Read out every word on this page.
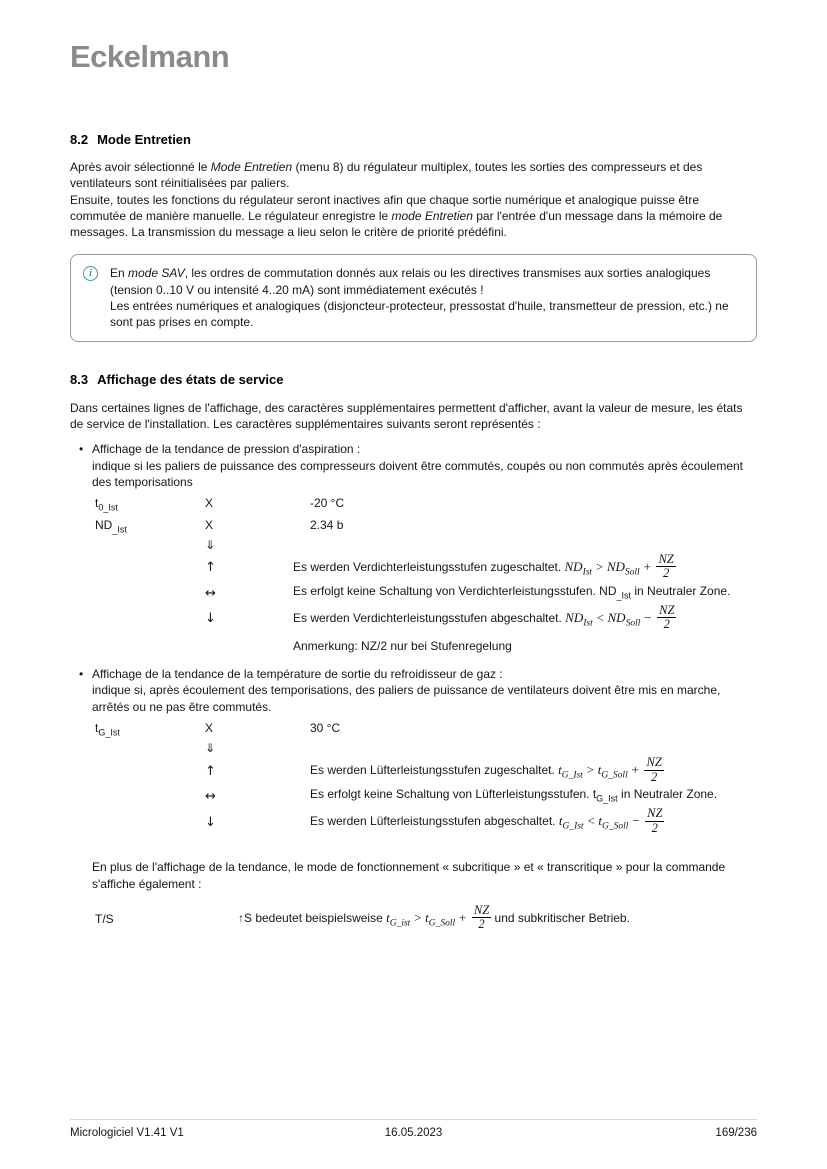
Eckelmann
8.2 Mode Entretien

Après avoir sélectionné le Mode Entretien (menu 8) du régulateur multiplex, toutes les sorties des compresseurs et des ventilateurs sont réinitialisées par paliers.
Ensuite, toutes les fonctions du régulateur seront inactives afin que chaque sortie numérique et analogique puisse être commutée de manière manuelle. Le régulateur enregistre le mode Entretien par l'entrée d'un message dans la mémoire de messages. La transmission du message a lieu selon le critère de priorité prédéfini.

i En mode SAV, les ordres de commutation donnés aux relais ou les directives transmises aux sorties analogiques (tension 0..10 V ou intensité 4..20 mA) sont immédiatement exécutés !
Les entrées numériques et analogiques (disjoncteur-protecteur, pressostat d'huile, transmetteur de pression, etc.) ne sont pas prises en compte.
8.3 Affichage des états de service

Dans certaines lignes de l'affichage, des caractères supplémentaires permettent d'afficher, avant la valeur de mesure, les états de service de l'installation. Les caractères supplémentaires suivants seront représentés :

• Affichage de la tendance de pression d'aspiration :
indique si les paliers de puissance des compresseurs doivent être commutés, coupés ou non commutés après écoulement des temporisations
$t_{0\_Ist}$	X	-20 °C
$ND_{\_Ist}$	X	2.34 b
⇓
↑	Es werden Verdichterleistungsstufen zugeschaltet. $ND_{Ist} > ND_{Soll} + \frac{NZ}{2}$
↔	Es erfolgt keine Schaltung von Verdichterleistungsstufen. $ND_{\_Ist}$ in Neutraler Zone.
↓	Es werden Verdichterleistungsstufen abgeschaltet. $ND_{Ist} < ND_{Soll} - \frac{NZ}{2}$
Anmerkung: NZ/2 nur bei Stufenregelung
• Affichage de la tendance de la température de sortie du refroidisseur de gaz :
indique si, après écoulement des temporisations, des paliers de puissance de ventilateurs doivent être mis en marche, arrêtés ou ne pas être commutés.
$t_{G\_Ist}$	X	30 °C
⇓
↑	Es werden Lüfterleistungsstufen zugeschaltet. $t_{G\_Ist} > t_{G\_Soll} + \frac{NZ}{2}$
↔	Es erfolgt keine Schaltung von Lüfterleistungsstufen. $t_{G\_Ist}$ in Neutraler Zone.
↓	Es werden Lüfterleistungsstufen abgeschaltet. $t_{G\_Ist} < t_{G\_Soll} - \frac{NZ}{2}$

En plus de l'affichage de la tendance, le mode de fonctionnement « subcritique » et « transcritique » pour la commande s'affiche également :

T/S	↑S bedeutet beispielsweise $t_{G\_ist} > t_{G\_Soll} + \frac{NZ}{2}$ und subkritischer Betrieb.
Micrologiciel V1.41 V1	16.05.2023	169/236
